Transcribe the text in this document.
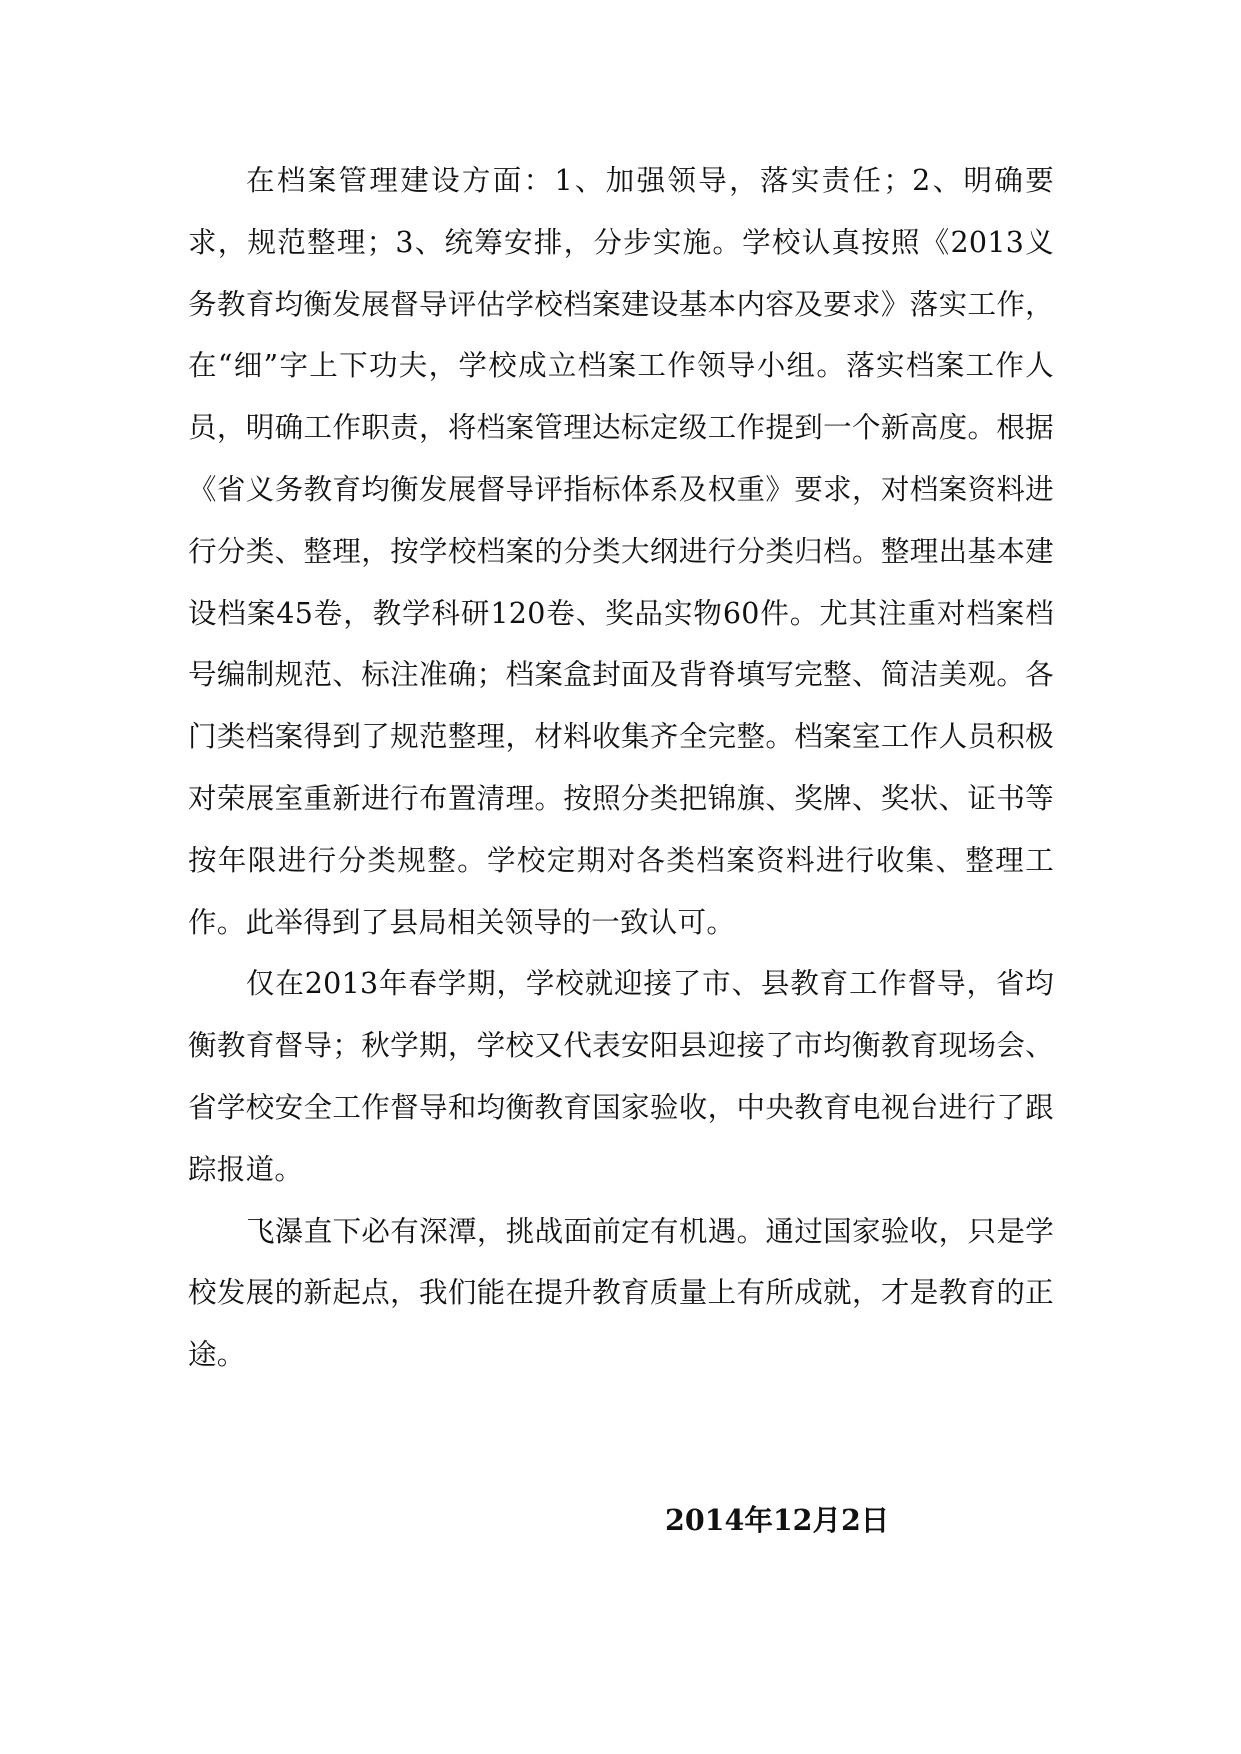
在档案管理建设方面：1、加强领导，落实责任；2、明确要求，规范整理；3、统筹安排，分步实施。学校认真按照《2013义务教育均衡发展督导评估学校档案建设基本内容及要求》落实工作，在“细”字上下功夫，学校成立档案工作领导小组。落实档案工作人员，明确工作职责，将档案管理达标定级工作提到一个新高度。根据《省义务教育均衡发展督导评指标体系及权重》要求，对档案资料进行分类、整理，按学校档案的分类大纲进行分类归档。整理出基本建设档案45卷，教学科研120卷、奖品实物60件。尤其注重对档案档号编制规范、标注准确；档案盒封面及背脊填写完整、简洁美观。各门类档案得到了规范整理，材料收集齐全完整。档案室工作人员积极对荣展室重新进行布置清理。按照分类把锦旗、奖牌、奖状、证书等按年限进行分类规整。学校定期对各类档案资料进行收集、整理工作。此举得到了县局相关领导的一致认可。

仅在2013年春学期，学校就迎接了市、县教育工作督导，省均衡教育督导；秋学期，学校又代表安阳县迎接了市均衡教育现场会、省学校安全工作督导和均衡教育国家验收，中央教育电视台进行了跟踪报道。

飞瀑直下必有深潭，挑战面前定有机遇。通过国家验收，只是学校发展的新起点，我们能在提升教育质量上有所成就，才是教育的正途。

2014年12月2日
